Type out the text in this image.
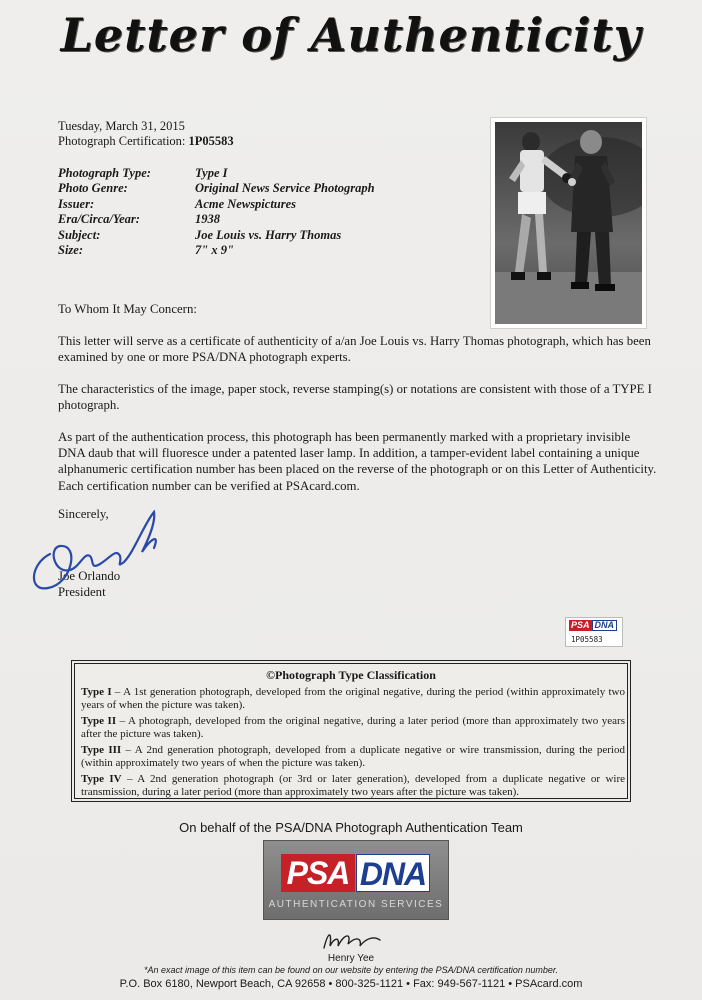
Letter of Authenticity
Tuesday, March 31, 2015
Photograph Certification: 1P05583
Photograph Type:	Type I
Photo Genre:	Original News Service Photograph
Issuer:	Acme Newspictures
Era/Circa/Year:	1938
Subject:	Joe Louis vs. Harry Thomas
Size:	7" x 9"
To Whom It May Concern:
This letter will serve as a certificate of authenticity of a/an Joe Louis vs. Harry Thomas photograph, which has been examined by one or more PSA/DNA photograph experts.
The characteristics of the image, paper stock, reverse stamping(s) or notations are consistent with those of a TYPE I photograph.
As part of the authentication process, this photograph has been permanently marked with a proprietary invisible DNA daub that will fluoresce under a patented laser lamp. In addition, a tamper-evident label containing a unique alphanumeric certification number has been placed on the reverse of the photograph or on this Letter of Authenticity. Each certification number can be verified at PSAcard.com.
Sincerely,
Joe Orlando
President
PSA DNA
1P05583
©Photograph Type Classification
Type I – A 1st generation photograph, developed from the original negative, during the period (within approximately two years of when the picture was taken).
Type II – A photograph, developed from the original negative, during a later period (more than approximately two years after the picture was taken).
Type III – A 2nd generation photograph, developed from a duplicate negative or wire transmission, during the period (within approximately two years of when the picture was taken).
Type IV – A 2nd generation photograph (or 3rd or later generation), developed from a duplicate negative or wire transmission, during a later period (more than approximately two years after the picture was taken).
On behalf of the PSA/DNA Photograph Authentication Team
PSA DNA
AUTHENTICATION SERVICES
Henry Yee
*An exact image of this item can be found on our website by entering the PSA/DNA certification number.
P.O. Box 6180, Newport Beach, CA 92658 • 800-325-1121 • Fax: 949-567-1121 • PSAcard.com
